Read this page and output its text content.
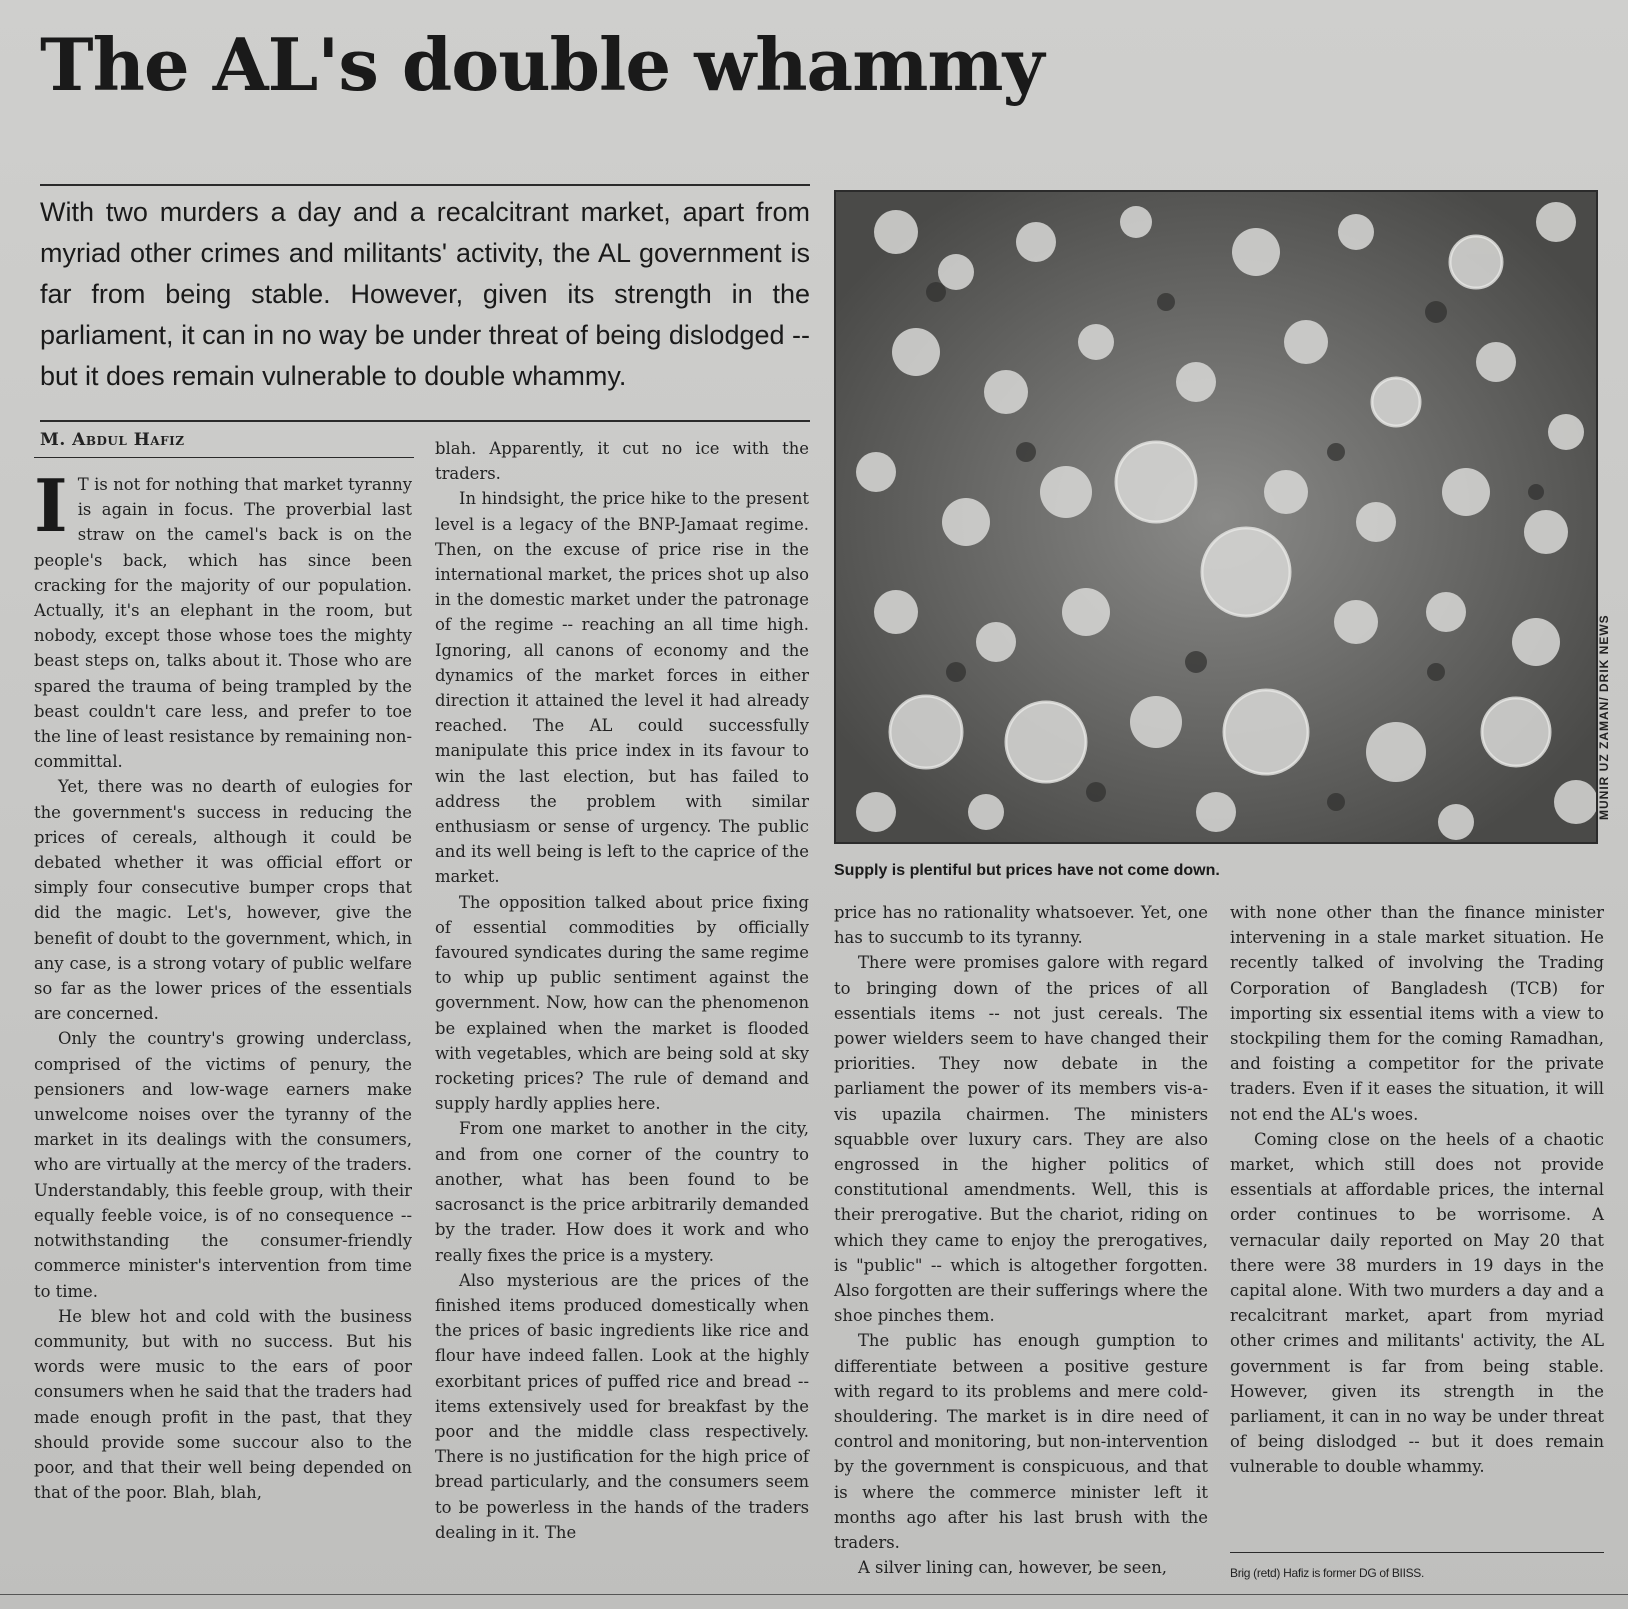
The AL's double whammy
With two murders a day and a recalcitrant market, apart from myriad other crimes and militants' activity, the AL government is far from being stable. However, given its strength in the parliament, it can in no way be under threat of being dislodged -- but it does remain vulnerable to double whammy.
M. Abdul Hafiz

I T is not for nothing that market tyranny is again in focus. The proverbial last straw on the camel's back is on the people's back, which has since been cracking for the majority of our population. Actually, it's an elephant in the room, but nobody, except those whose toes the mighty beast steps on, talks about it. Those who are spared the trauma of being trampled by the beast couldn't care less, and prefer to toe the line of least resistance by remaining non-committal.

Yet, there was no dearth of eulogies for the government's success in reducing the prices of cereals, although it could be debated whether it was official effort or simply four consecutive bumper crops that did the magic. Let's, however, give the benefit of doubt to the government, which, in any case, is a strong votary of public welfare so far as the lower prices of the essentials are concerned.

Only the country's growing underclass, comprised of the victims of penury, the pensioners and low-wage earners make unwelcome noises over the tyranny of the market in its dealings with the consumers, who are virtually at the mercy of the traders. Understandably, this feeble group, with their equally feeble voice, is of no consequence -- notwithstanding the consumer-friendly commerce minister's intervention from time to time.

He blew hot and cold with the business community, but with no success. But his words were music to the ears of poor consumers when he said that the traders had made enough profit in the past, that they should provide some succour also to the poor, and that their well being depended on that of the poor. Blah, blah,

blah. Apparently, it cut no ice with the traders.

In hindsight, the price hike to the present level is a legacy of the BNP-Jamaat regime. Then, on the excuse of price rise in the international market, the prices shot up also in the domestic market under the patronage of the regime -- reaching an all time high. Ignoring, all canons of economy and the dynamics of the market forces in either direction it attained the level it had already reached. The AL could successfully manipulate this price index in its favour to win the last election, but has failed to address the problem with similar enthusiasm or sense of urgency. The public and its well being is left to the caprice of the market.

The opposition talked about price fixing of essential commodities by officially favoured syndicates during the same regime to whip up public sentiment against the government. Now, how can the phenomenon be explained when the market is flooded with vegetables, which are being sold at sky rocketing prices? The rule of demand and supply hardly applies here.

From one market to another in the city, and from one corner of the country to another, what has been found to be sacrosanct is the price arbitrarily demanded by the trader. How does it work and who really fixes the price is a mystery.

Also mysterious are the prices of the finished items produced domestically when the prices of basic ingredients like rice and flour have indeed fallen. Look at the highly exorbitant prices of puffed rice and bread -- items extensively used for breakfast by the poor and the middle class respectively. There is no justification for the high price of bread particularly, and the consumers seem to be powerless in the hands of the traders dealing in it. The

MUNIR UZ ZAMAN/ DRIK NEWS
Supply is plentiful but prices have not come down.

price has no rationality whatsoever. Yet, one has to succumb to its tyranny.

There were promises galore with regard to bringing down of the prices of all essentials items -- not just cereals. The power wielders seem to have changed their priorities. They now debate in the parliament the power of its members vis-a-vis upazila chairmen. The ministers squabble over luxury cars. They are also engrossed in the higher politics of constitutional amendments. Well, this is their prerogative. But the chariot, riding on which they came to enjoy the prerogatives, is "public" -- which is altogether forgotten. Also forgotten are their sufferings where the shoe pinches them.

The public has enough gumption to differentiate between a positive gesture with regard to its problems and mere cold-shouldering. The market is in dire need of control and monitoring, but non-intervention by the government is conspicuous, and that is where the commerce minister left it months ago after his last brush with the traders.

A silver lining can, however, be seen,

with none other than the finance minister intervening in a stale market situation. He recently talked of involving the Trading Corporation of Bangladesh (TCB) for importing six essential items with a view to stockpiling them for the coming Ramadhan, and foisting a competitor for the private traders. Even if it eases the situation, it will not end the AL's woes.

Coming close on the heels of a chaotic market, which still does not provide essentials at affordable prices, the internal order continues to be worrisome. A vernacular daily reported on May 20 that there were 38 murders in 19 days in the capital alone. With two murders a day and a recalcitrant market, apart from myriad other crimes and militants' activity, the AL government is far from being stable. However, given its strength in the parliament, it can in no way be under threat of being dislodged -- but it does remain vulnerable to double whammy.

Brig (retd) Hafiz is former DG of BIISS.
